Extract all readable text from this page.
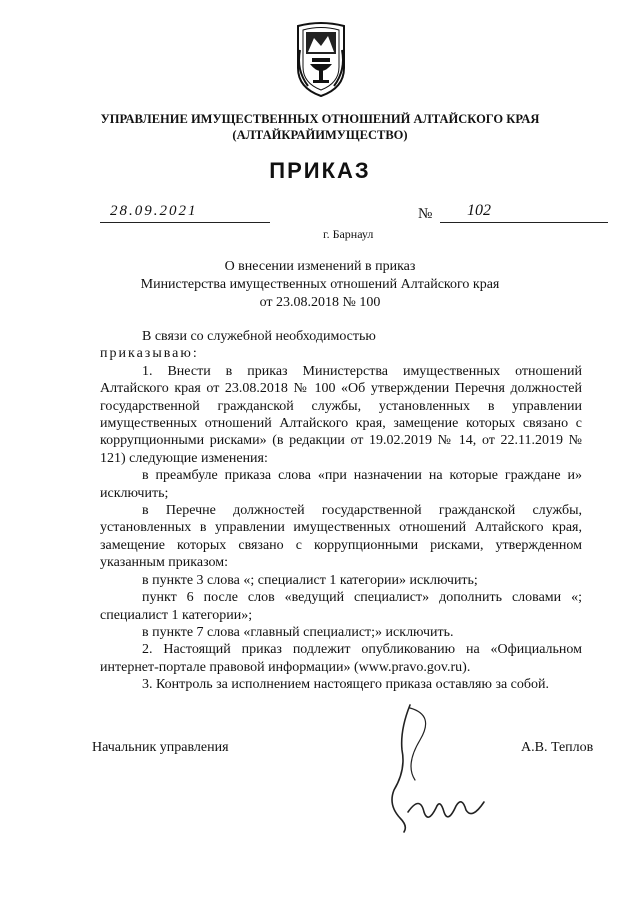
УПРАВЛЕНИЕ ИМУЩЕСТВЕННЫХ ОТНОШЕНИЙ АЛТАЙСКОГО КРАЯ
(АЛТАЙКРАЙИМУЩЕСТВО)
ПРИКАЗ
28.09.2021	№ 102
г. Барнаул
О внесении изменений в приказ
Министерства имущественных отношений Алтайского края
от 23.08.2018 № 100

В связи со служебной необходимостью

приказываю:

1. Внести в приказ Министерства имущественных отношений Алтайского края от 23.08.2018 № 100 «Об утверждении Перечня должностей государственной гражданской службы, установленных в управлении имущественных отношений Алтайского края, замещение которых связано с коррупционными рисками» (в редакции от 19.02.2019 № 14, от 22.11.2019 № 121) следующие изменения:

в преамбуле приказа слова «при назначении на которые граждане и» исключить;

в Перечне должностей государственной гражданской службы, установленных в управлении имущественных отношений Алтайского края, замещение которых связано с коррупционными рисками, утвержденном указанным приказом:

в пункте 3 слова «; специалист 1 категории» исключить;

пункт 6 после слов «ведущий специалист» дополнить словами «; специалист 1 категории»;

в пункте 7 слова «главный специалист;» исключить.

2. Настоящий приказ подлежит опубликованию на «Официальном интернет-портале правовой информации» (www.pravo.gov.ru).

3. Контроль за исполнением настоящего приказа оставляю за собой.

Начальник управления	А.В. Теплов
